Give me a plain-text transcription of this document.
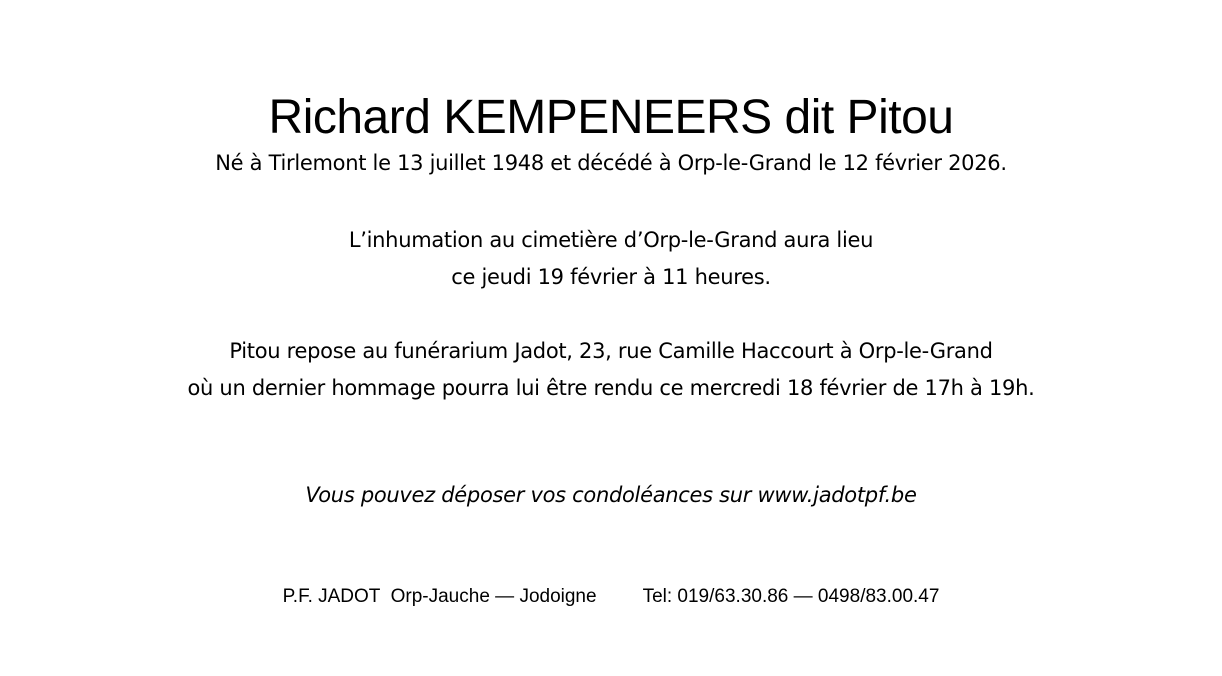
Richard KEMPENEERS dit Pitou
Né à Tirlemont le 13 juillet 1948 et décédé à Orp-le-Grand le 12 février 2026.
L’inhumation au cimetière d’Orp-le-Grand aura lieu
ce jeudi 19 février à 11 heures.
Pitou repose au funérarium Jadot, 23, rue Camille Haccourt à Orp-le-Grand
où un dernier hommage pourra lui être rendu ce mercredi 18 février de 17h à 19h.
Vous pouvez déposer vos condoléances sur www.jadotpf.be
P.F. JADOT  Orp-Jauche — Jodoigne Tel: 019/63.30.86 — 0498/83.00.47
